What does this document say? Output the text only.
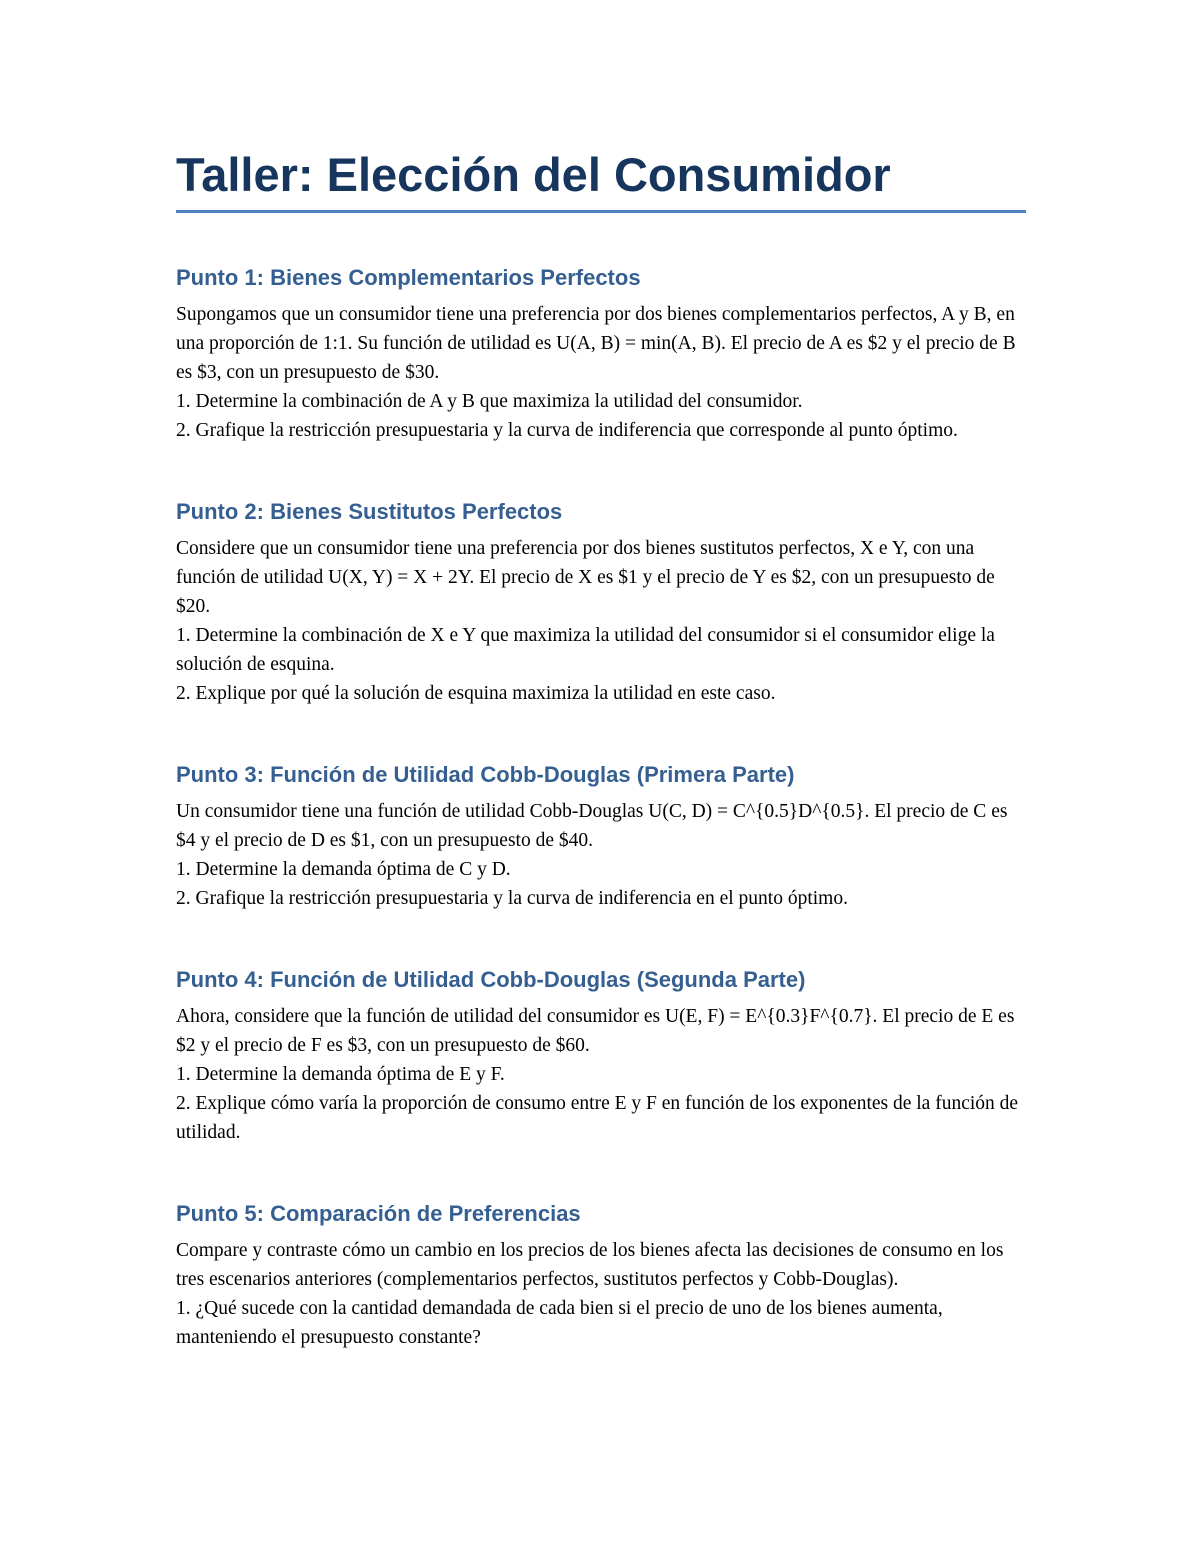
Taller: Elección del Consumidor
Punto 1: Bienes Complementarios Perfectos

Supongamos que un consumidor tiene una preferencia por dos bienes complementarios perfectos, A y B, en una proporción de 1:1. Su función de utilidad es U(A, B) = min(A, B). El precio de A es $2 y el precio de B es $3, con un presupuesto de $30.

1. Determine la combinación de A y B que maximiza la utilidad del consumidor.

2. Grafique la restricción presupuestaria y la curva de indiferencia que corresponde al punto óptimo.

Punto 2: Bienes Sustitutos Perfectos

Considere que un consumidor tiene una preferencia por dos bienes sustitutos perfectos, X e Y, con una función de utilidad U(X, Y) = X + 2Y. El precio de X es $1 y el precio de Y es $2, con un presupuesto de $20.

1. Determine la combinación de X e Y que maximiza la utilidad del consumidor si el consumidor elige la solución de esquina.

2. Explique por qué la solución de esquina maximiza la utilidad en este caso.

Punto 3: Función de Utilidad Cobb-Douglas (Primera Parte)

Un consumidor tiene una función de utilidad Cobb-Douglas U(C, D) = C^{0.5}D^{0.5}. El precio de C es $4 y el precio de D es $1, con un presupuesto de $40.

1. Determine la demanda óptima de C y D.

2. Grafique la restricción presupuestaria y la curva de indiferencia en el punto óptimo.

Punto 4: Función de Utilidad Cobb-Douglas (Segunda Parte)

Ahora, considere que la función de utilidad del consumidor es U(E, F) = E^{0.3}F^{0.7}. El precio de E es $2 y el precio de F es $3, con un presupuesto de $60.

1. Determine la demanda óptima de E y F.

2. Explique cómo varía la proporción de consumo entre E y F en función de los exponentes de la función de utilidad.

Punto 5: Comparación de Preferencias

Compare y contraste cómo un cambio en los precios de los bienes afecta las decisiones de consumo en los tres escenarios anteriores (complementarios perfectos, sustitutos perfectos y Cobb-Douglas).

1. ¿Qué sucede con la cantidad demandada de cada bien si el precio de uno de los bienes aumenta, manteniendo el presupuesto constante?
